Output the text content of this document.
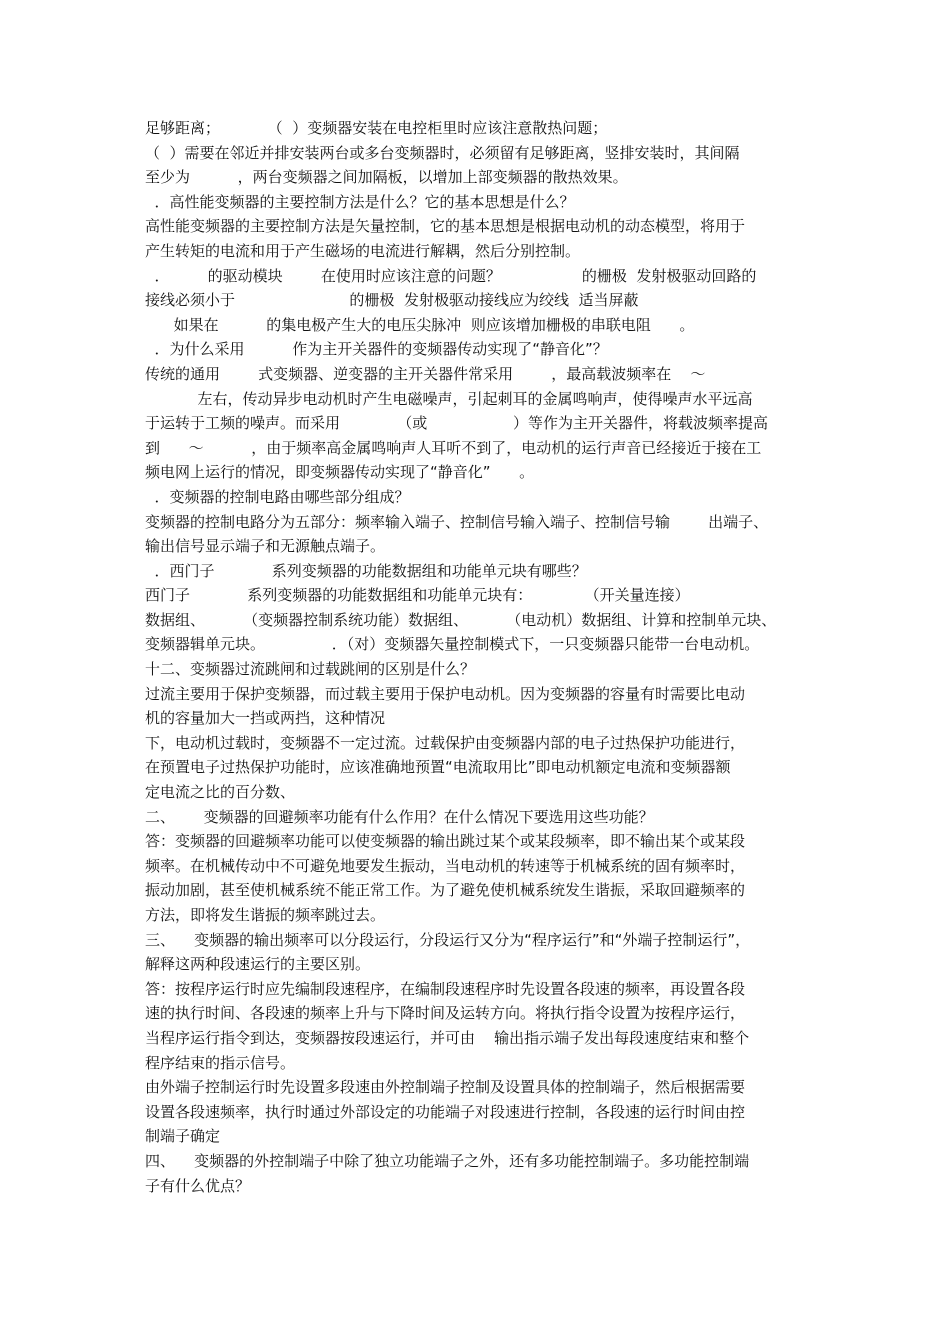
足够距离；          （  ）变频器安装在电控柜里时应该注意散热问题；
（  ）需要在邻近并排安装两台或多台变频器时，必须留有足够距离，竖排安装时，其间隔
至少为          ，两台变频器之间加隔板，以增加上部变频器的散热效果。
．高性能变频器的主要控制方法是什么？它的基本思想是什么？
高性能变频器的主要控制方法是矢量控制，它的基本思想是根据电动机的动态模型，将用于
产生转矩的电流和用于产生磁场的电流进行解耦，然后分别控制。
．        的驱动模块        在使用时应该注意的问题？                 的栅极  发射极驱动回路的
接线必须小于                        的栅极  发射极驱动接线应为绞线  适当屏蔽
如果在          的集电极产生大的电压尖脉冲  则应该增加栅极的串联电阻      。
．为什么采用          作为主开关器件的变频器传动实现了“静音化”？
传统的通用        式变频器、逆变器的主开关器件常采用        ，最高载波频率在    ～
左右，传动异步电动机时产生电磁噪声，引起刺耳的金属鸣响声，使得噪声水平远高
于运转于工频的噪声。而采用            （或                  ）等作为主开关器件，将载波频率提高
到      ～          ，由于频率高金属鸣响声人耳听不到了，电动机的运行声音已经接近于接在工
频电网上运行的情况，即变频器传动实现了“静音化”      。
．变频器的控制电路由哪些部分组成？
变频器的控制电路分为五部分：频率输入端子、控制信号输入端子、控制信号输        出端子、
输出信号显示端子和无源触点端子。
．西门子            系列变频器的功能数据组和功能单元块有哪些？
西门子            系列变频器的功能数据组和功能单元块有：           （开关量连接）
数据组、        （变频器控制系统功能）数据组、        （电动机）数据组、计算和控制单元块、
变频器辑单元块。              ．（对）变频器矢量控制模式下，一只变频器只能带一台电动机。
十二、变频器过流跳闸和过载跳闸的区别是什么？
过流主要用于保护变频器，而过载主要用于保护电动机。因为变频器的容量有时需要比电动
机的容量加大一挡或两挡，这种情况
下，电动机过载时，变频器不一定过流。过载保护由变频器内部的电子过热保护功能进行，
在预置电子过热保护功能时，应该准确地预置“电流取用比”即电动机额定电流和变频器额
定电流之比的百分数、
二、      变频器的回避频率功能有什么作用？在什么情况下要选用这些功能？
答：变频器的回避频率功能可以使变频器的输出跳过某个或某段频率，即不输出某个或某段
频率。在机械传动中不可避免地要发生振动，当电动机的转速等于机械系统的固有频率时，
振动加剧，甚至使机械系统不能正常工作。为了避免使机械系统发生谐振，采取回避频率的
方法，即将发生谐振的频率跳过去。
三、    变频器的输出频率可以分段运行，分段运行又分为“程序运行”和“外端子控制运行”，
解释这两种段速运行的主要区别。
答：按程序运行时应先编制段速程序，在编制段速程序时先设置各段速的频率，再设置各段
速的执行时间、各段速的频率上升与下降时间及运转方向。将执行指令设置为按程序运行，
当程序运行指令到达，变频器按段速运行，并可由    输出指示端子发出每段速度结束和整个
程序结束的指示信号。
由外端子控制运行时先设置多段速由外控制端子控制及设置具体的控制端子，然后根据需要
设置各段速频率，执行时通过外部设定的功能端子对段速进行控制，各段速的运行时间由控
制端子确定
四、    变频器的外控制端子中除了独立功能端子之外，还有多功能控制端子。多功能控制端
子有什么优点？
